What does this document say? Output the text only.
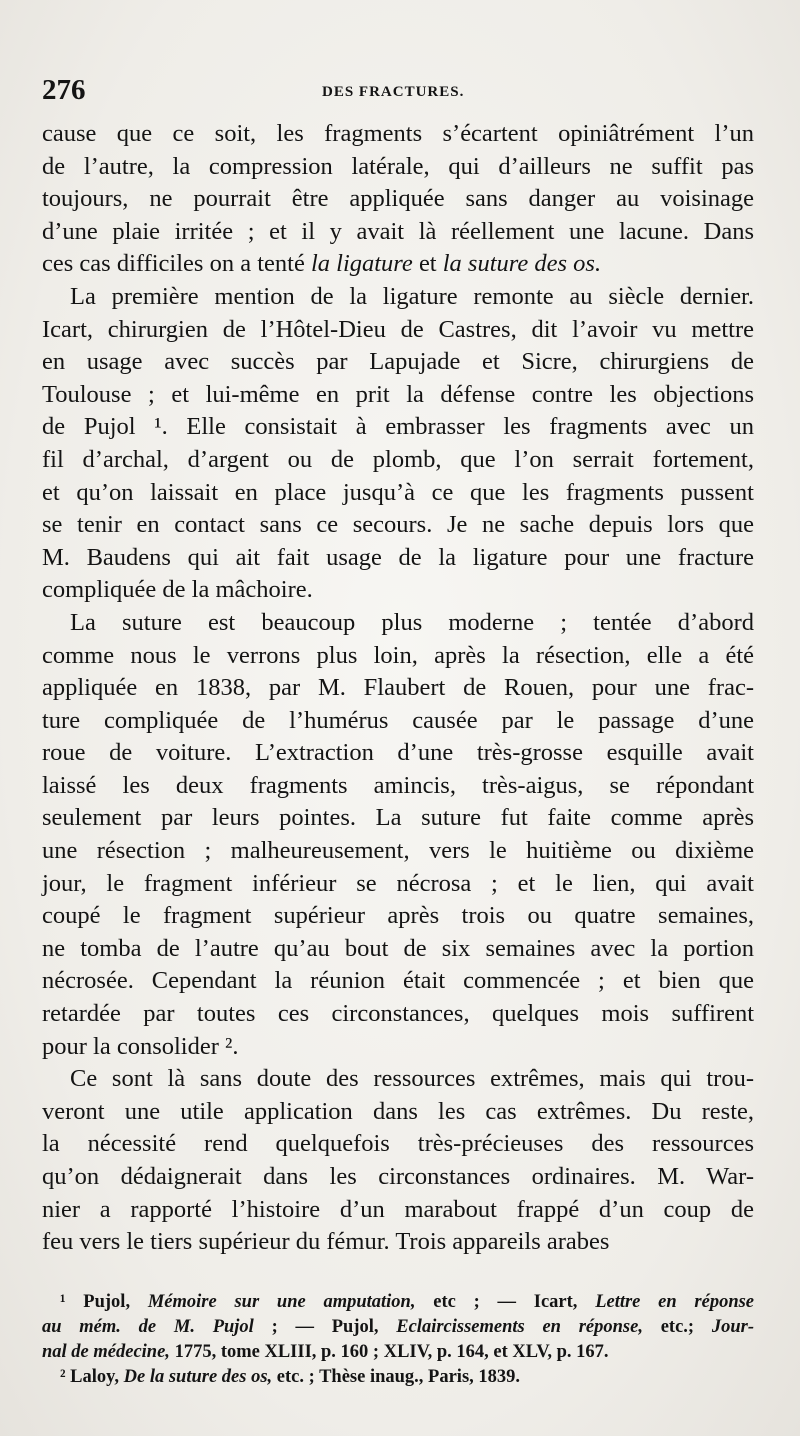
276	DES FRACTURES.
cause que ce soit, les fragments s’écartent opiniâtrément l’un
de l’autre, la compression latérale, qui d’ailleurs ne suffit pas
toujours, ne pourrait être appliquée sans danger au voisinage
d’une plaie irritée ; et il y avait là réellement une lacune. Dans
ces cas difficiles on a tenté la ligature et la suture des os.
La première mention de la ligature remonte au siècle dernier.
Icart, chirurgien de l’Hôtel-Dieu de Castres, dit l’avoir vu mettre
en usage avec succès par Lapujade et Sicre, chirurgiens de
Toulouse ; et lui-même en prit la défense contre les objections
de Pujol ¹. Elle consistait à embrasser les fragments avec un
fil d’archal, d’argent ou de plomb, que l’on serrait fortement,
et qu’on laissait en place jusqu’à ce que les fragments pussent
se tenir en contact sans ce secours. Je ne sache depuis lors que
M. Baudens qui ait fait usage de la ligature pour une fracture
compliquée de la mâchoire.
La suture est beaucoup plus moderne ; tentée d’abord
comme nous le verrons plus loin, après la résection, elle a été
appliquée en 1838, par M. Flaubert de Rouen, pour une frac-
ture compliquée de l’humérus causée par le passage d’une
roue de voiture. L’extraction d’une très-grosse esquille avait
laissé les deux fragments amincis, très-aigus, se répondant
seulement par leurs pointes. La suture fut faite comme après
une résection ; malheureusement, vers le huitième ou dixième
jour, le fragment inférieur se nécrosa ; et le lien, qui avait
coupé le fragment supérieur après trois ou quatre semaines,
ne tomba de l’autre qu’au bout de six semaines avec la portion
nécrosée. Cependant la réunion était commencée ; et bien que
retardée par toutes ces circonstances, quelques mois suffirent
pour la consolider ².
Ce sont là sans doute des ressources extrêmes, mais qui trou-
veront une utile application dans les cas extrêmes. Du reste,
la nécessité rend quelquefois très-précieuses des ressources
qu’on dédaignerait dans les circonstances ordinaires. M. War-
nier a rapporté l’histoire d’un marabout frappé d’un coup de
feu vers le tiers supérieur du fémur. Trois appareils arabes
¹ Pujol, Mémoire sur une amputation, etc ; — Icart, Lettre en réponse
au mém. de M. Pujol ; — Pujol, Eclaircissements en réponse, etc.; Jour-
nal de médecine, 1775, tome XLIII, p. 160 ; XLIV, p. 164, et XLV, p. 167.
² Laloy, De la suture des os, etc. ; Thèse inaug., Paris, 1839.
